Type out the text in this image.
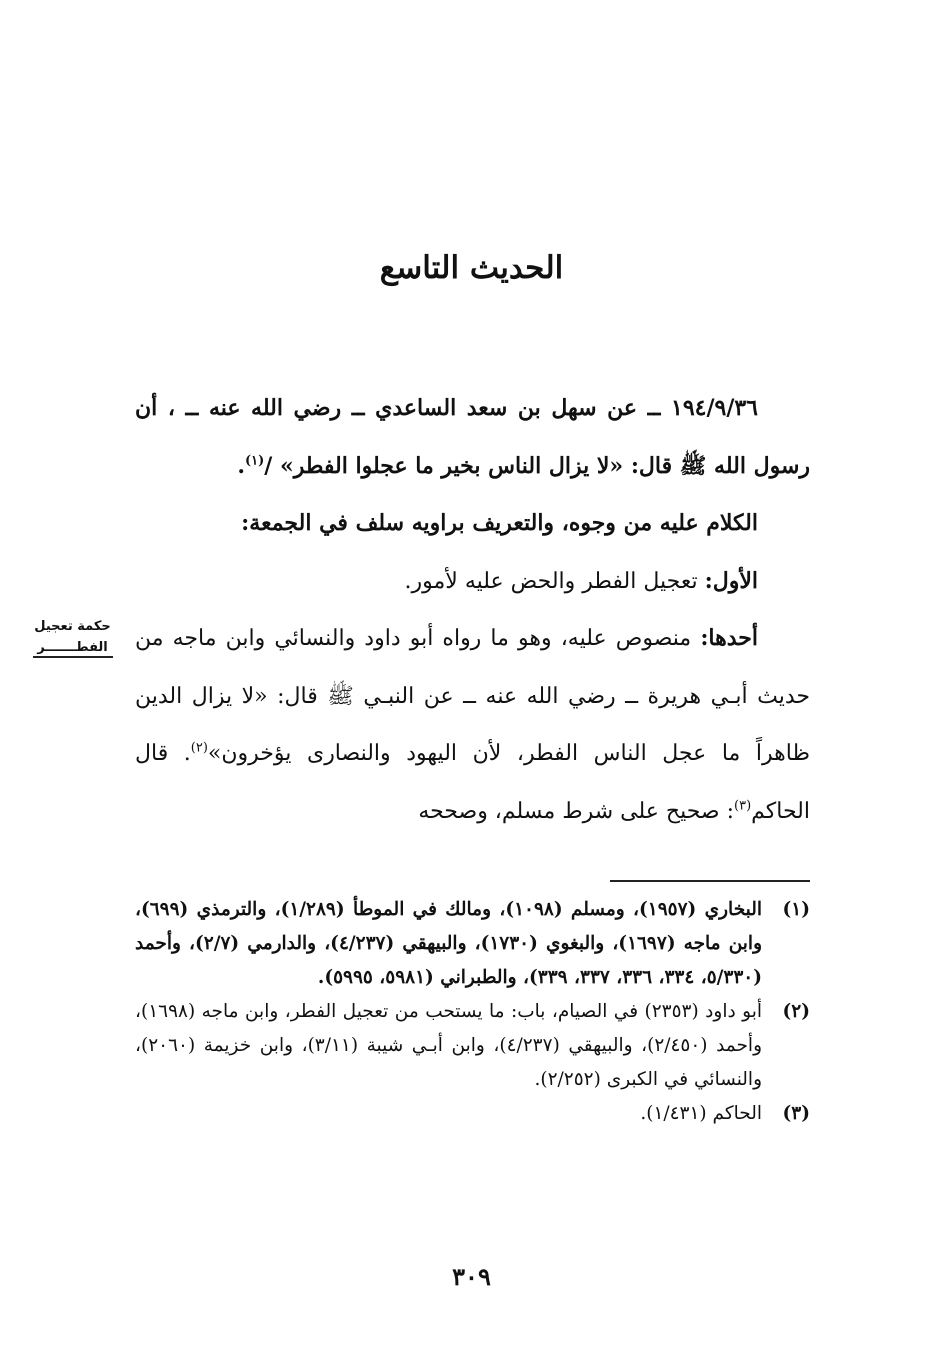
الحديث التاسع
حكمة تعجيل الفطـــــــر

١٩٤/٩/٣٦ ــ عن سهل بن سعد الساعدي ــ رضي الله عنه ــ ، أن رسول الله ﷺ قال: «لا يزال الناس بخير ما عجلوا الفطر» /$^{(١)}$.

الكلام عليه من وجوه، والتعريف براويه سلف في الجمعة:

الأول: تعجيل الفطر والحض عليه لأمور.

أحدها: منصوص عليه، وهو ما رواه أبو داود والنسائي وابن ماجه من حديث أبـي هريرة ــ رضي الله عنه ــ عن النبـي ﷺ قال: «لا يزال الدين ظاهراً ما عجل الناس الفطر، لأن اليهود والنصارى يؤخرون»$^{(٢)}$. قال الحاكم$^{(٣)}$: صحيح على شرط مسلم، وصححه

(١)
البخاري (١٩٥٧)، ومسلم (١٠٩٨)، ومالك في الموطأ (١/٢٨٩)، والترمذي (٦٩٩)، وابن ماجه (١٦٩٧)، والبغوي (١٧٣٠)، والبيهقي (٤/٢٣٧)، والدارمي (٢/٧)، وأحمد (٥/٣٣٠، ٣٣٤، ٣٣٦، ٣٣٧، ٣٣٩)، والطبراني (٥٩٨١، ٥٩٩٥).
(٢)
أبو داود (٢٣٥٣) في الصيام، باب: ما يستحب من تعجيل الفطر، وابن ماجه (١٦٩٨)، وأحمد (٢/٤٥٠)، والبيهقي (٤/٢٣٧)، وابن أبـي شيبة (٣/١١)، وابن خزيمة (٢٠٦٠)، والنسائي في الكبرى (٢/٢٥٢).
(٣)
الحاكم (١/٤٣١).
٣٠٩
